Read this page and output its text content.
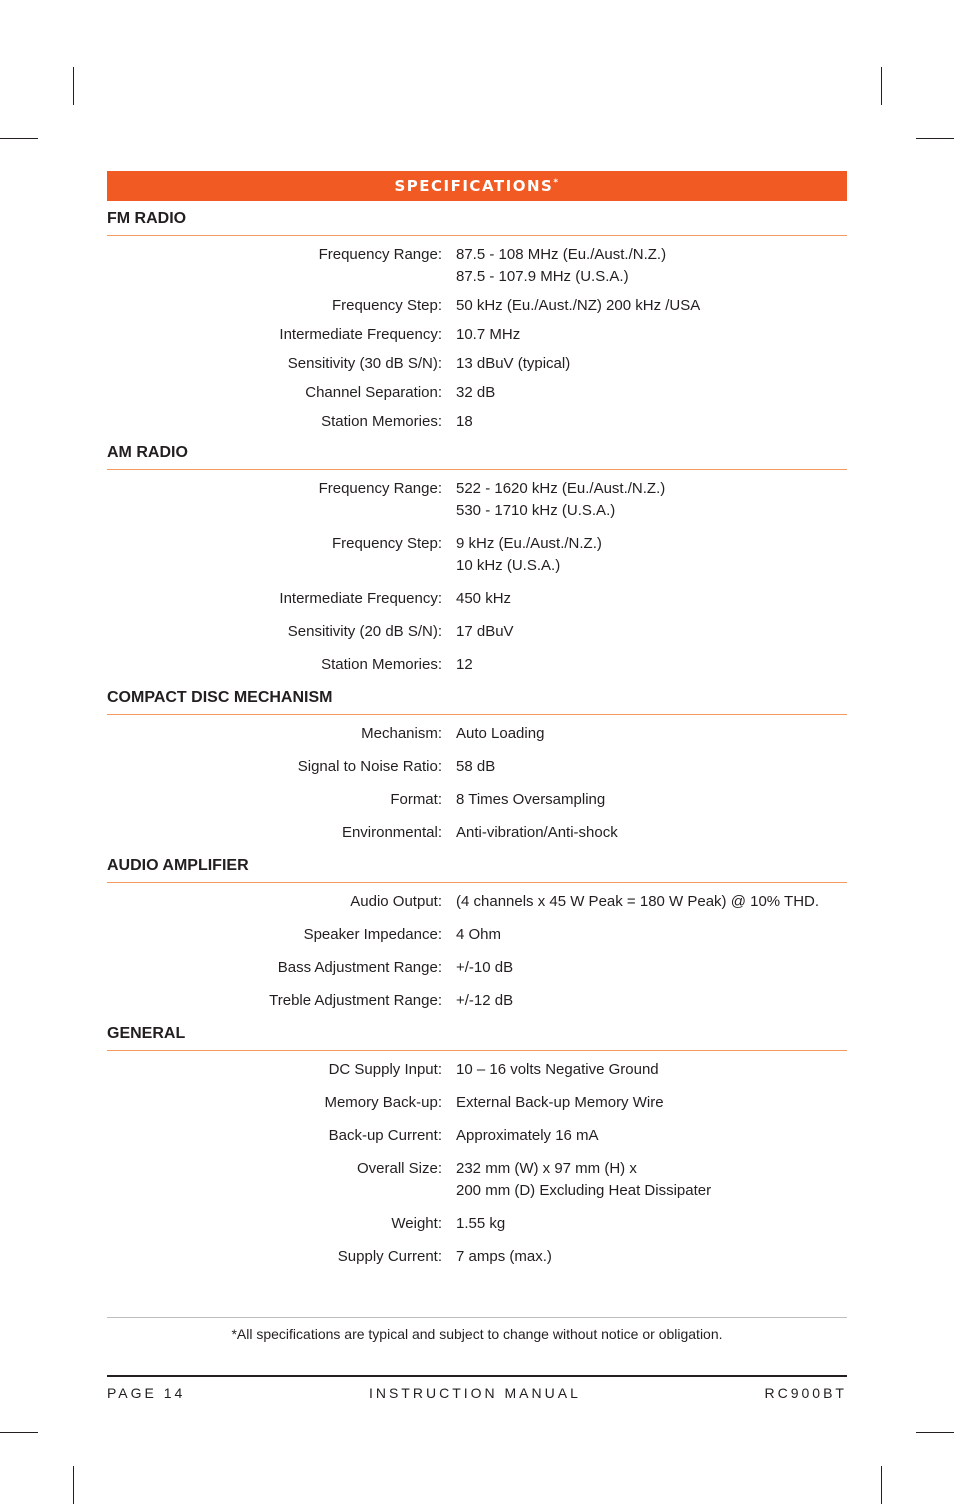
SPECIFICATIONS*
FM RADIO
Frequency Range: 87.5 - 108 MHz (Eu./Aust./N.Z.)
87.5 - 107.9 MHz (U.S.A.)
Frequency Step: 50 kHz (Eu./Aust./NZ) 200 kHz /USA
Intermediate Frequency: 10.7 MHz
Sensitivity (30 dB S/N): 13 dBuV (typical)
Channel Separation: 32 dB
Station Memories: 18
AM RADIO
Frequency Range: 522 - 1620 kHz (Eu./Aust./N.Z.)
530 - 1710 kHz (U.S.A.)
Frequency Step: 9 kHz (Eu./Aust./N.Z.)
10 kHz (U.S.A.)
Intermediate Frequency: 450 kHz
Sensitivity (20 dB S/N): 17 dBuV
Station Memories: 12
COMPACT DISC MECHANISM
Mechanism: Auto Loading
Signal to Noise Ratio: 58 dB
Format: 8 Times Oversampling
Environmental: Anti-vibration/Anti-shock
AUDIO AMPLIFIER
Audio Output: (4 channels x 45 W Peak = 180 W Peak) @ 10% THD.
Speaker Impedance: 4 Ohm
Bass Adjustment Range: +/-10 dB
Treble Adjustment Range: +/-12 dB
GENERAL
DC Supply Input: 10 – 16 volts Negative Ground
Memory Back-up: External Back-up Memory Wire
Back-up Current: Approximately 16 mA
Overall Size: 232 mm (W) x 97 mm (H) x
200 mm (D) Excluding Heat Dissipater
Weight: 1.55 kg
Supply Current: 7 amps (max.)
*All specifications are typical and subject to change without notice or obligation.
PAGE 14	INSTRUCTION MANUAL	RC900BT
